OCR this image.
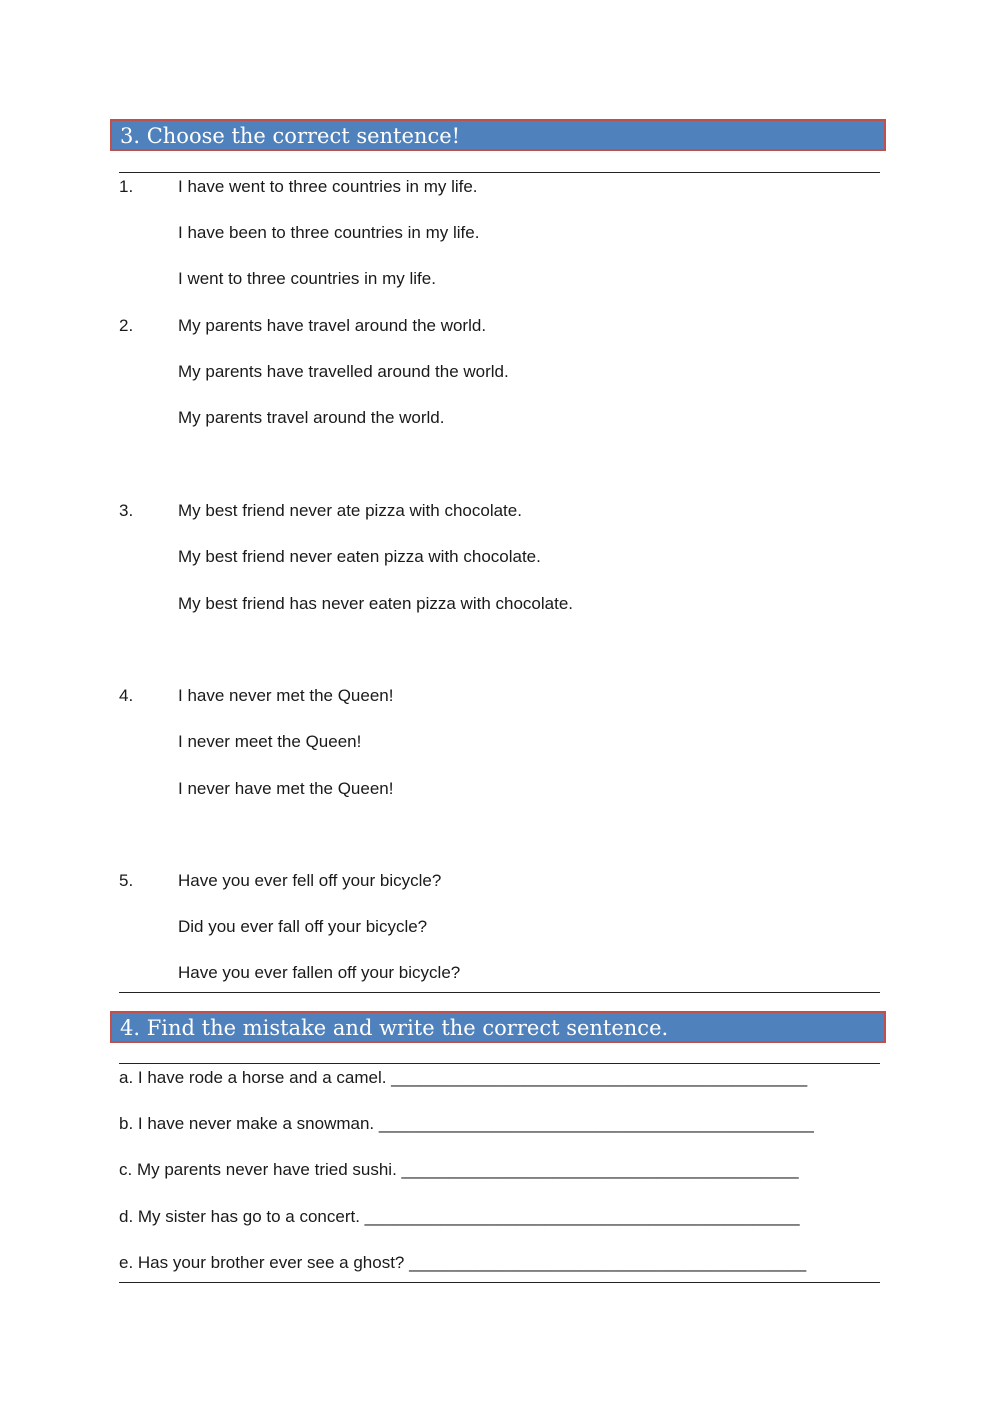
3. Choose the correct sentence!
1.	I have went to three countries in my life.
I have been to three countries in my life.
I went to three countries in my life.
2.	My parents have travel around the world.
My parents have travelled around the world.
My parents travel around the world.
3.	My best friend never ate pizza with chocolate.
My best friend never eaten pizza with chocolate.
My best friend has never eaten pizza with chocolate.
4.	I have never met the Queen!
I never meet the Queen!
I never have met the Queen!
5.	Have you ever fell off your bicycle?
Did you ever fall off your bicycle?
Have you ever fallen off your bicycle?
4. Find the mistake and write the correct sentence.
a. I have rode a horse and a camel. ____________________________________________
b. I have never make a snowman. ______________________________________________
c. My parents never have tried sushi. __________________________________________
d. My sister has go to a concert. ______________________________________________
e. Has your brother ever see a ghost? __________________________________________
